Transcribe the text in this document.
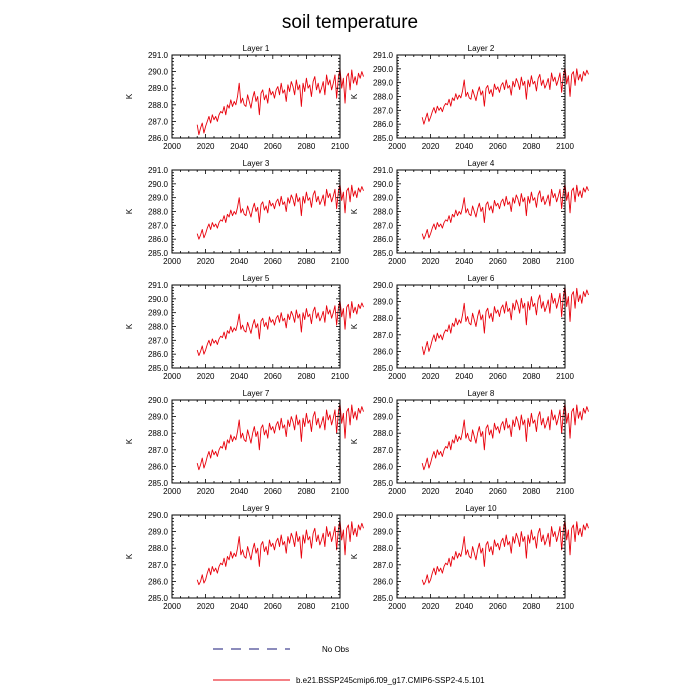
soil temperature
Layer 1
2000 2020 2040 2060 2080 2100
286.0
287.0
288.0
289.0
290.0
291.0
K
Layer 2
2000 2020 2040 2060 2080 2100
285.0
286.0
287.0
288.0
289.0
290.0
291.0
K
Layer 3
2000 2020 2040 2060 2080 2100
285.0
286.0
287.0
288.0
289.0
290.0
291.0
K
Layer 4
2000 2020 2040 2060 2080 2100
285.0
286.0
287.0
288.0
289.0
290.0
291.0
K
Layer 5
2000 2020 2040 2060 2080 2100
285.0
286.0
287.0
288.0
289.0
290.0
291.0
K
Layer 6
2000 2020 2040 2060 2080 2100
285.0
286.0
287.0
288.0
289.0
290.0
K
Layer 7
2000 2020 2040 2060 2080 2100
285.0
286.0
287.0
288.0
289.0
290.0
K
Layer 8
2000 2020 2040 2060 2080 2100
285.0
286.0
287.0
288.0
289.0
290.0
K
Layer 9
2000 2020 2040 2060 2080 2100
285.0
286.0
287.0
288.0
289.0
290.0
K
Layer 10
2000 2020 2040 2060 2080 2100
285.0
286.0
287.0
288.0
289.0
290.0
K
No Obs
b.e21.BSSP245cmip6.f09_g17.CMIP6-SSP2-4.5.101
